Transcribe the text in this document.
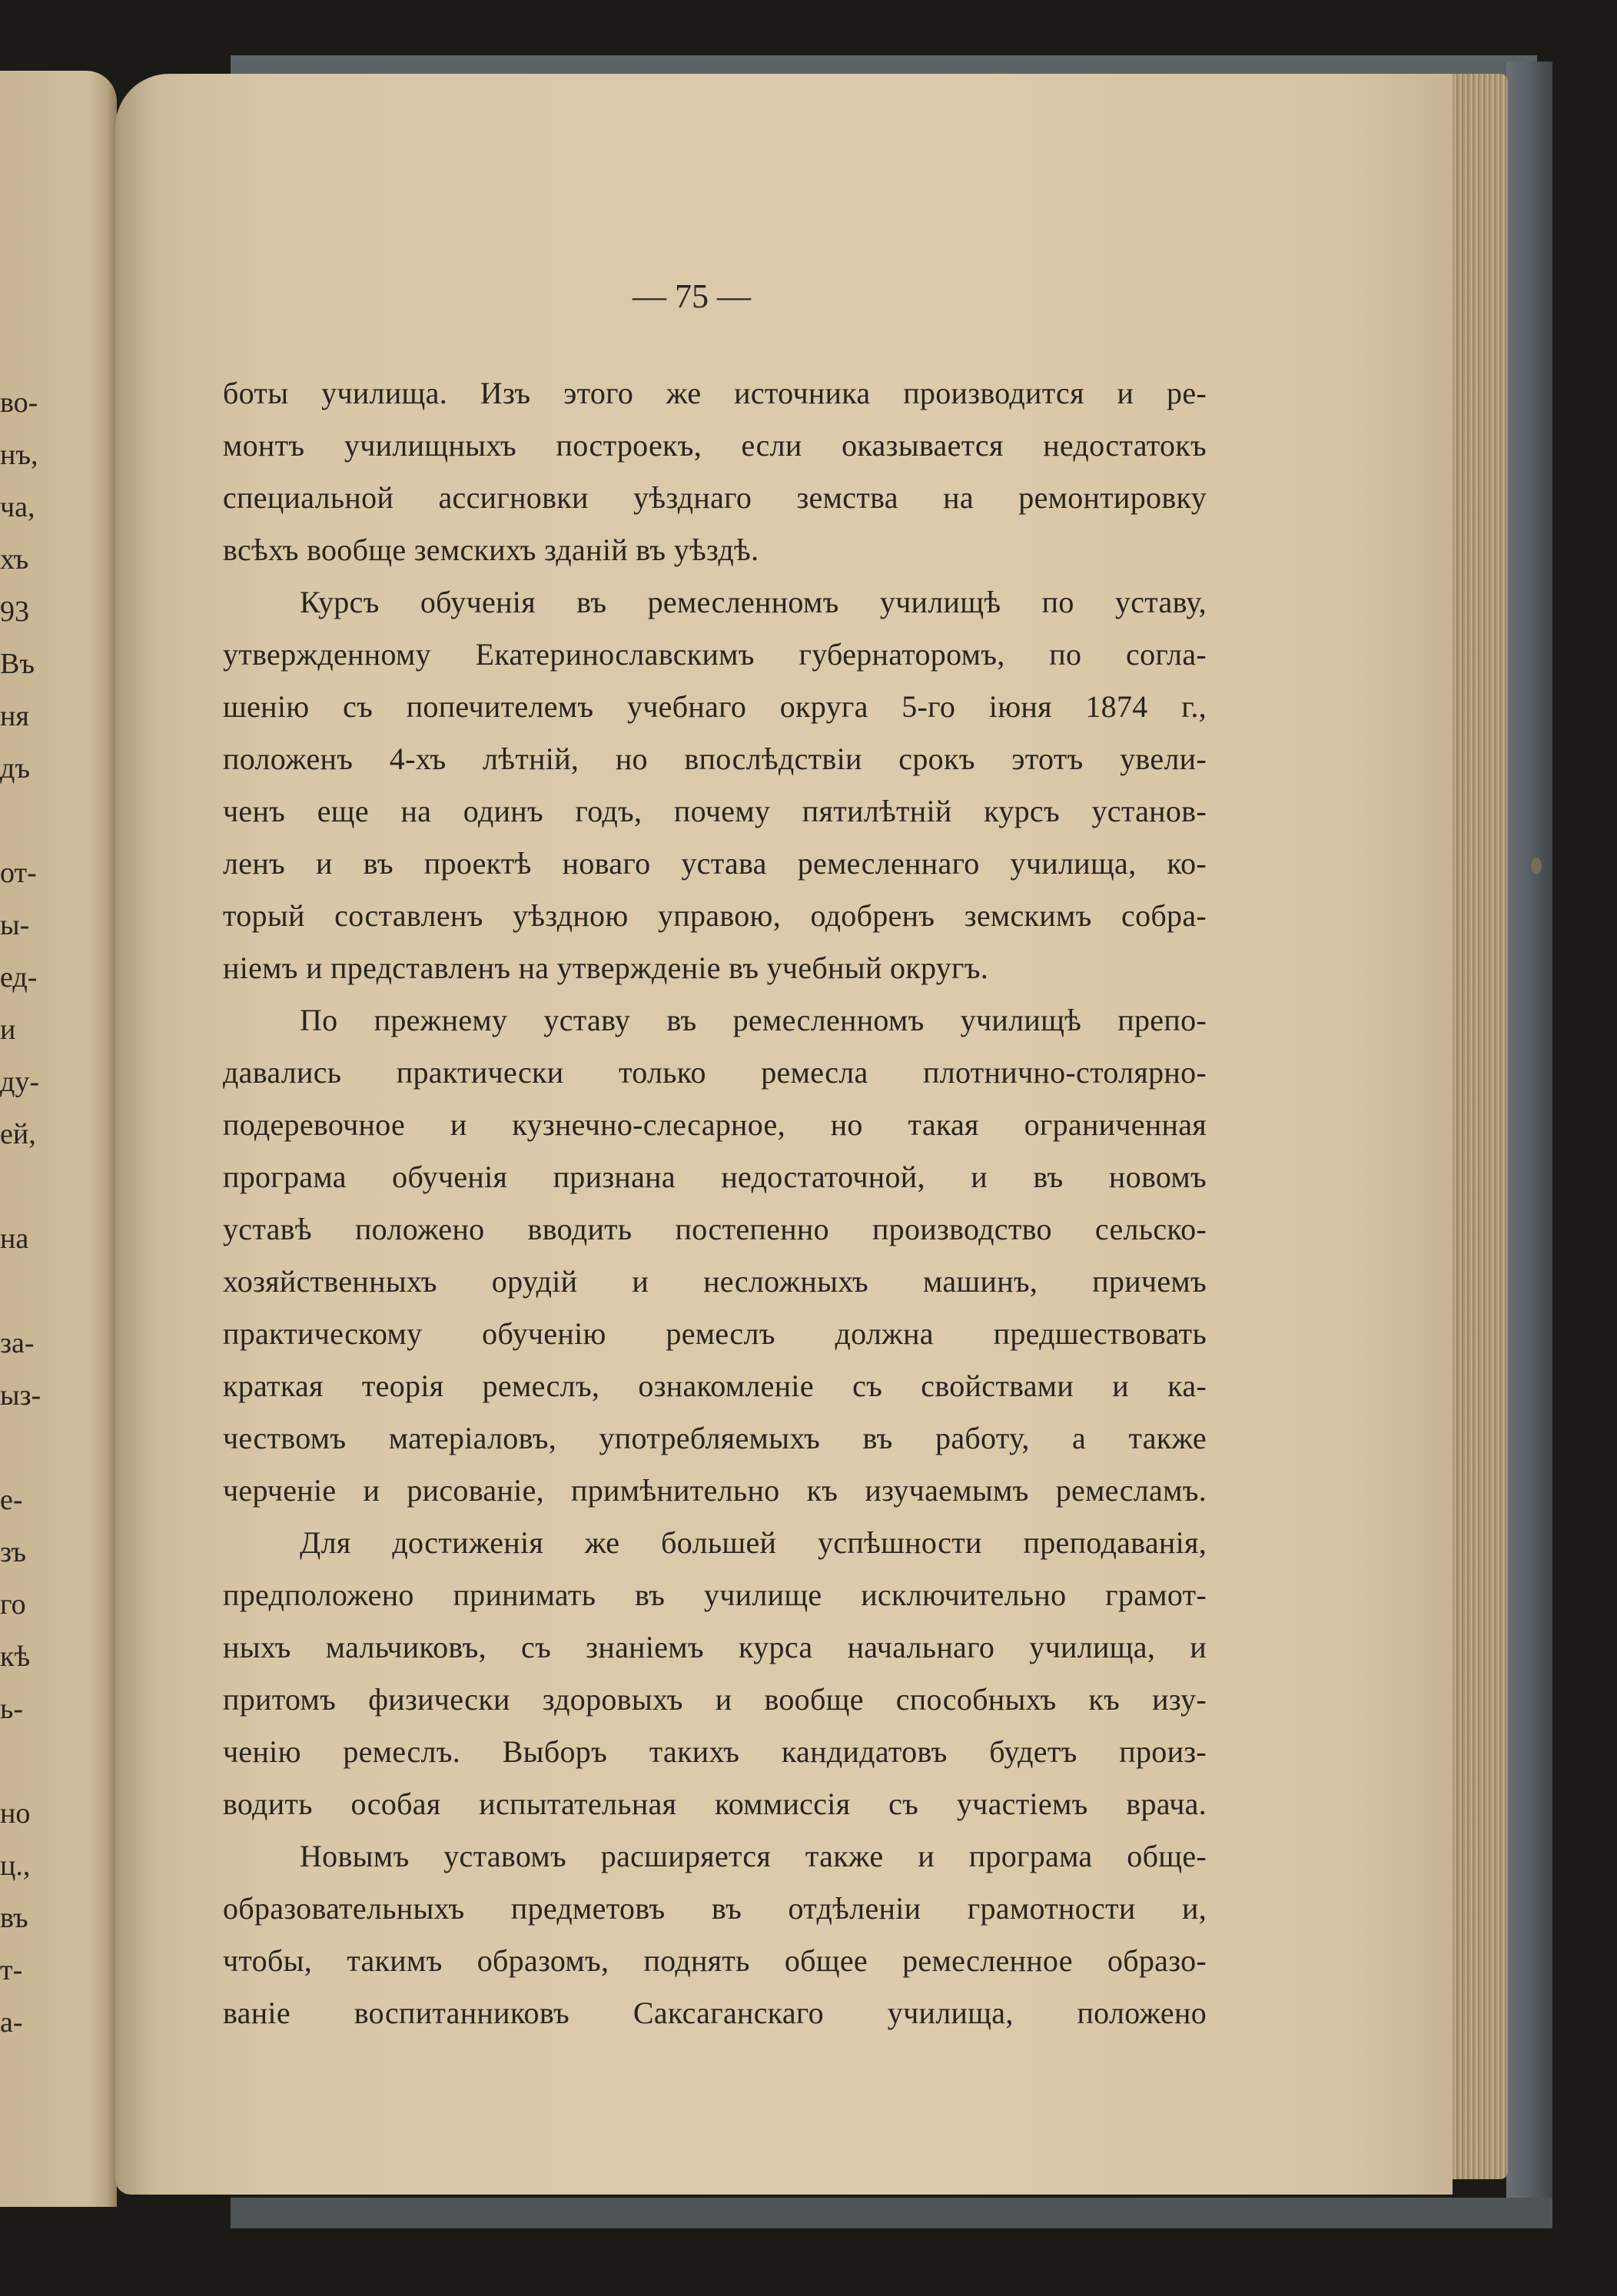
во-
нъ,
ча,
хъ
93
Въ
ня
дъ
от-
ы-
ед-
и
ду-
ей,
на
за-
ыз-
е-
зъ
го
кѣ
ь-
но
ц.,
въ
т-
а-
— 75 —
боты училища. Изъ этого же источника производится и ре-
монтъ училищныхъ построекъ, если оказывается недостатокъ
специальной ассигновки уѣзднаго земства на ремонтировку
всѣхъ вообще земскихъ зданій въ уѣздѣ.
Курсъ обученія въ ремесленномъ училищѣ по уставу,
утвержденному Екатеринославскимъ губернаторомъ, по согла-
шенію съ попечителемъ учебнаго округа 5-го іюня 1874 г.,
положенъ 4-хъ лѣтній, но впослѣдствіи срокъ этотъ увели-
ченъ еще на одинъ годъ, почему пятилѣтній курсъ установ-
ленъ и въ проектѣ новаго устава ремесленнаго училища, ко-
торый составленъ уѣздною управою, одобренъ земскимъ собра-
ніемъ и представленъ на утвержденіе въ учебный округъ.
По прежнему уставу въ ремесленномъ училищѣ препо-
давались практически только ремесла плотнично-столярно-
подеревочное и кузнечно-слесарное, но такая ограниченная
програма обученія признана недостаточной, и въ новомъ
уставѣ положено вводить постепенно производство сельско-
хозяйственныхъ орудій и несложныхъ машинъ, причемъ
практическому обученію ремеслъ должна предшествовать
краткая теорія ремеслъ, ознакомленіе съ свойствами и ка-
чествомъ матеріаловъ, употребляемыхъ въ работу, а также
черченіе и рисованіе, примѣнительно къ изучаемымъ ремесламъ.
Для достиженія же большей успѣшности преподаванія,
предположено принимать въ училище исключительно грамот-
ныхъ мальчиковъ, съ знаніемъ курса начальнаго училища, и
притомъ физически здоровыхъ и вообще способныхъ къ изу-
ченію ремеслъ. Выборъ такихъ кандидатовъ будетъ произ-
водить особая испытательная коммиссія съ участіемъ врача.
Новымъ уставомъ расширяется также и програма обще-
образовательныхъ предметовъ въ отдѣленіи грамотности и,
чтобы, такимъ образомъ, поднять общее ремесленное образо-
ваніе воспитанниковъ Саксаганскаго училища, положено
